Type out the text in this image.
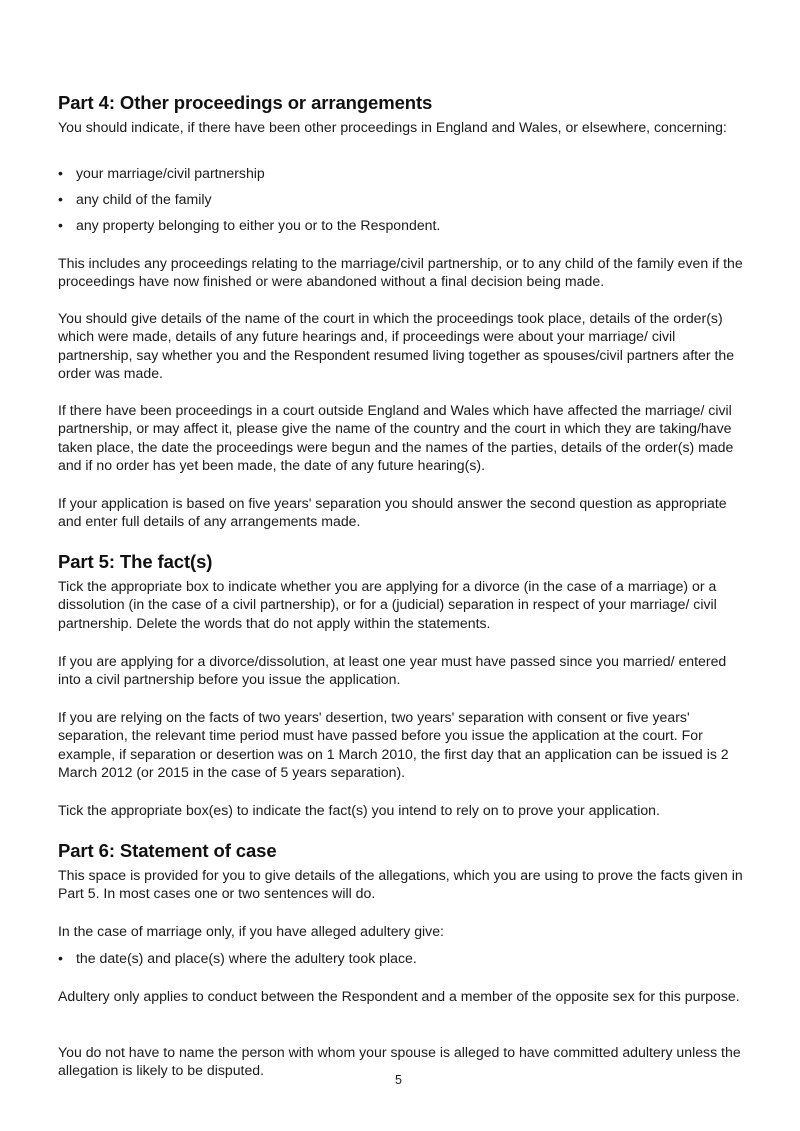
Part 4: Other proceedings or arrangements

You should indicate, if there have been other proceedings in England and Wales, or elsewhere, concerning:

• your marriage/civil partnership
• any child of the family
• any property belonging to either you or to the Respondent.

This includes any proceedings relating to the marriage/civil partnership, or to any child of the family even if the proceedings have now finished or were abandoned without a final decision being made.

You should give details of the name of the court in which the proceedings took place, details of the order(s) which were made, details of any future hearings and, if proceedings were about your marriage/ civil partnership, say whether you and the Respondent resumed living together as spouses/civil partners after the order was made.

If there have been proceedings in a court outside England and Wales which have affected the marriage/ civil partnership, or may affect it, please give the name of the country and the court in which they are taking/have taken place, the date the proceedings were begun and the names of the parties, details of the order(s) made and if no order has yet been made, the date of any future hearing(s).

If your application is based on five years' separation you should answer the second question as appropriate and enter full details of any arrangements made.

Part 5: The fact(s)

Tick the appropriate box to indicate whether you are applying for a divorce (in the case of a marriage) or a dissolution (in the case of a civil partnership), or for a (judicial) separation in respect of your marriage/ civil partnership. Delete the words that do not apply within the statements.

If you are applying for a divorce/dissolution, at least one year must have passed since you married/ entered into a civil partnership before you issue the application.

If you are relying on the facts of two years' desertion, two years' separation with consent or five years' separation, the relevant time period must have passed before you issue the application at the court. For example, if separation or desertion was on 1 March 2010, the first day that an application can be issued is 2 March 2012 (or 2015 in the case of 5 years separation).

Tick the appropriate box(es) to indicate the fact(s) you intend to rely on to prove your application.

Part 6: Statement of case

This space is provided for you to give details of the allegations, which you are using to prove the facts given in Part 5. In most cases one or two sentences will do.

In the case of marriage only, if you have alleged adultery give:

• the date(s) and place(s) where the adultery took place.

Adultery only applies to conduct between the Respondent and a member of the opposite sex for this purpose.

You do not have to name the person with whom your spouse is alleged to have committed adultery unless the allegation is likely to be disputed.

5
